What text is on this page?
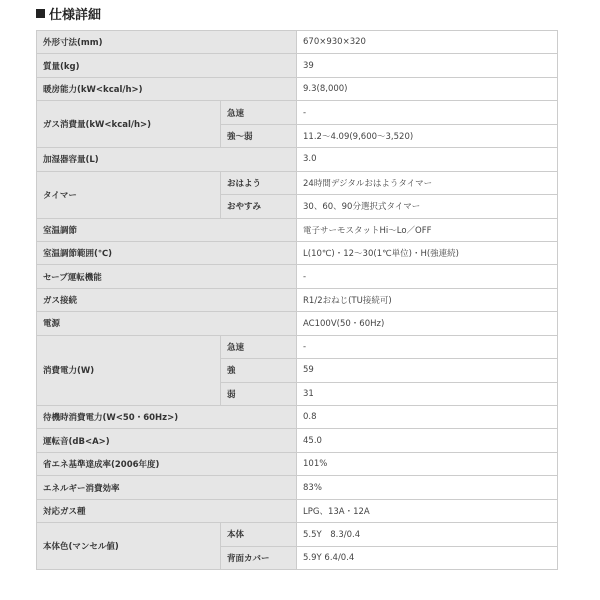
仕様詳細
外形寸法(mm)		670×930×320
質量(kg)		39
暖房能力(kW<kcal/h>)		9.3(8,000)
ガス消費量(kW<kcal/h>)	急速	-
	強～弱	11.2～4.09(9,600～3,520)
加湿器容量(L)		3.0
タイマー	おはよう	24時間デジタルおはようタイマー
	おやすみ	30、60、90分選択式タイマー
室温調節		電子サーモスタットHi～Lo／OFF
室温調節範囲(℃)		L(10℃)・12～30(1℃単位)・H(強連続)
セーブ運転機能		-
ガス接続		R1/2おねじ(TU接続可)
電源		AC100V(50・60Hz)
消費電力(W)	急速	-
	強	59
	弱	31
待機時消費電力(W<50・60Hz>)		0.8
運転音(dB<A>)		45.0
省エネ基準達成率(2006年度)		101%
エネルギー消費効率		83%
対応ガス種		LPG、13A・12A
本体色(マンセル値)	本体	5.5Y　8.3/0.4
	背面カバー	5.9Y 6.4/0.4
